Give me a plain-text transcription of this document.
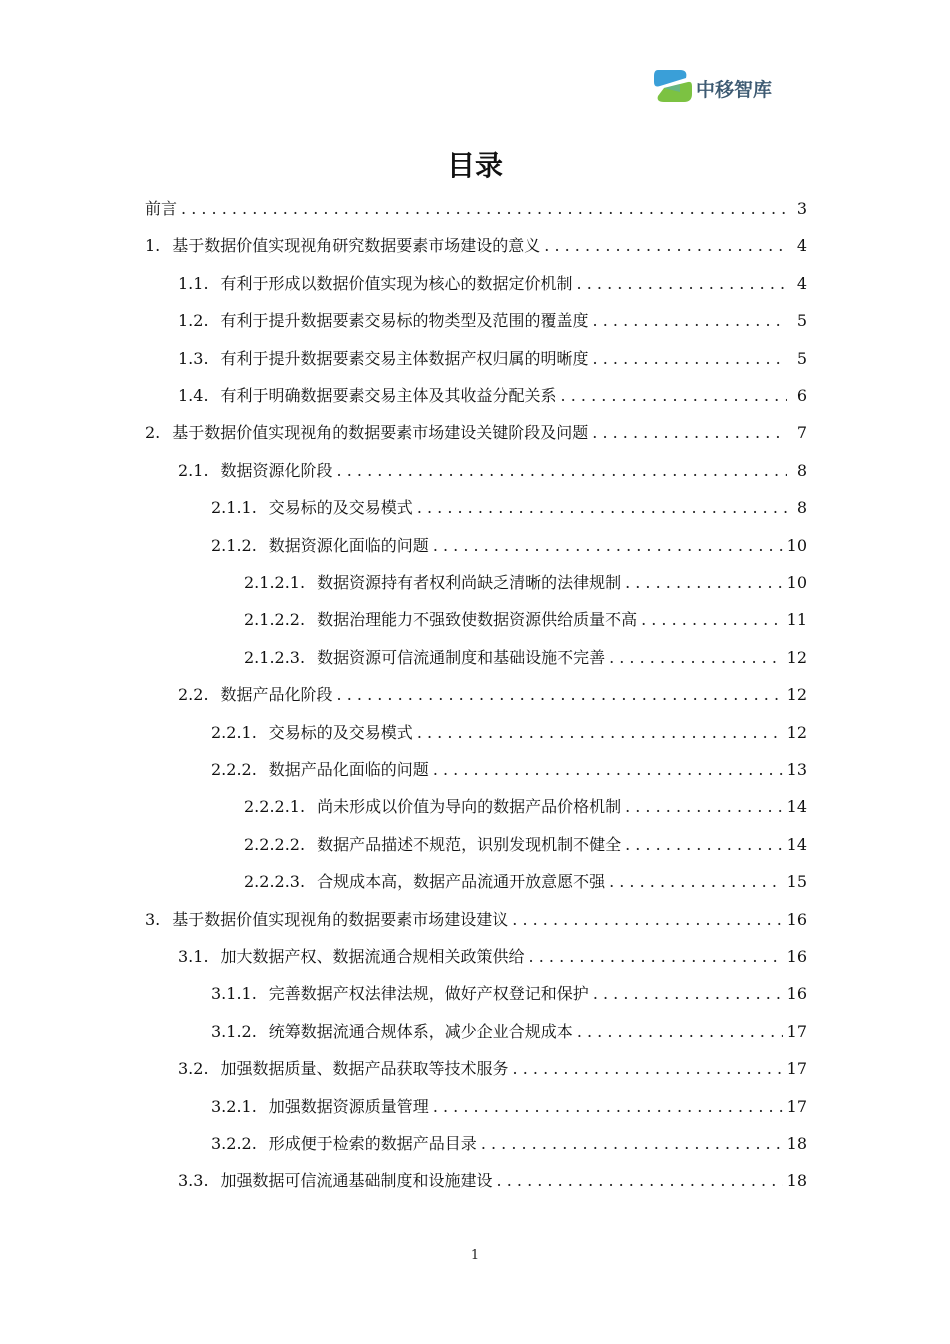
中移智库
目录
前言 . . .	3
1. 基于数据价值实现视角研究数据要素市场建设的意义 . . .	4
1.1. 有利于形成以数据价值实现为核心的数据定价机制 . . .	4
1.2. 有利于提升数据要素交易标的物类型及范围的覆盖度 . . .	5
1.3. 有利于提升数据要素交易主体数据产权归属的明晰度 . . .	5
1.4. 有利于明确数据要素交易主体及其收益分配关系 . . .	6
2. 基于数据价值实现视角的数据要素市场建设关键阶段及问题 . . .	7
2.1. 数据资源化阶段 . . .	8
2.1.1. 交易标的及交易模式 . . .	8
2.1.2. 数据资源化面临的问题 . . .	10
2.1.2.1. 数据资源持有者权利尚缺乏清晰的法律规制 . . .	10
2.1.2.2. 数据治理能力不强致使数据资源供给质量不高 . . .	11
2.1.2.3. 数据资源可信流通制度和基础设施不完善 . . .	12
2.2. 数据产品化阶段 . . .	12
2.2.1. 交易标的及交易模式 . . .	12
2.2.2. 数据产品化面临的问题 . . .	13
2.2.2.1. 尚未形成以价值为导向的数据产品价格机制 . . .	14
2.2.2.2. 数据产品描述不规范，识别发现机制不健全 . . .	14
2.2.2.3. 合规成本高，数据产品流通开放意愿不强 . . .	15
3. 基于数据价值实现视角的数据要素市场建设建议 . . .	16
3.1. 加大数据产权、数据流通合规相关政策供给 . . .	16
3.1.1. 完善数据产权法律法规，做好产权登记和保护 . . .	16
3.1.2. 统筹数据流通合规体系，减少企业合规成本 . . .	17
3.2. 加强数据质量、数据产品获取等技术服务 . . .	17
3.2.1. 加强数据资源质量管理 . . .	17
3.2.2. 形成便于检索的数据产品目录 . . .	18
3.3. 加强数据可信流通基础制度和设施建设 . . .	18
1
